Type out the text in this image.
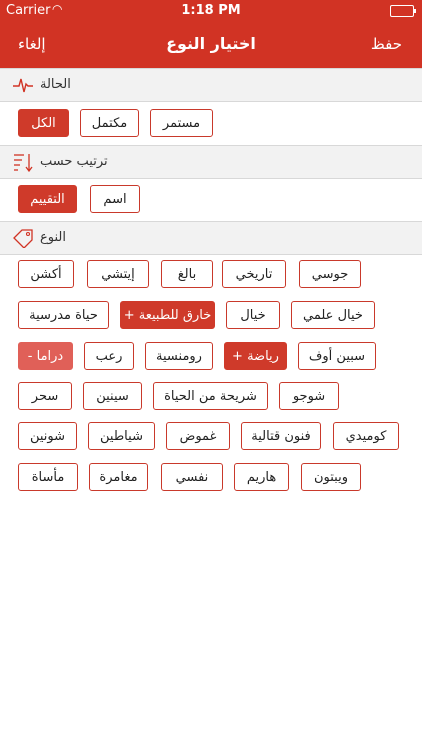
Carrier ◠	1:18 PM
إلغاء	اختيار النوع	حفظ
الحالة
الكل	مكتمل	مستمر
ترتيب حسب
التقييم	اسم
النوع
أكشن	إيتشي	بالغ	تاريخي	جوسي
حياة مدرسية	+ خارق للطبيعة	خيال	خيال علمي
- دراما	رعب	رومنسية	+ رياضة	سبين أوف
سحر	سينين	شريحة من الحياة	شوجو
شونين	شياطين	غموض	فنون قتالية	كوميدي
مأساة	مغامرة	نفسي	هاريم	ويبتون
